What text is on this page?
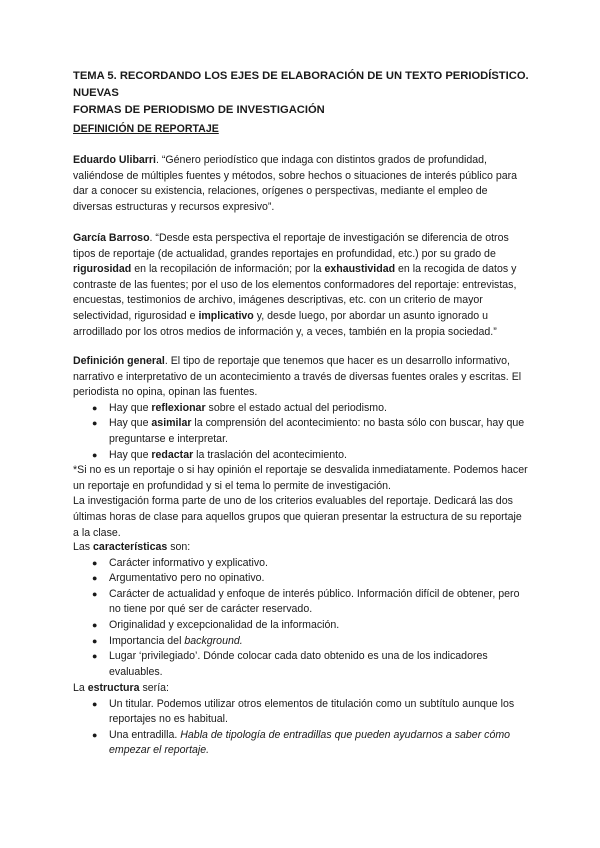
TEMA 5. RECORDANDO LOS EJES DE ELABORACIÓN DE UN TEXTO PERIODÍSTICO. NUEVAS
FORMAS DE PERIODISMO DE INVESTIGACIÓN

DEFINICIÓN DE REPORTAJE

Eduardo Ulibarri. “Género periodístico que indaga con distintos grados de profundidad, valiéndose de múltiples fuentes y métodos, sobre hechos o situaciones de interés público para dar a conocer su existencia, relaciones, orígenes o perspectivas, mediante el empleo de diversas estructuras y recursos expresivo”.

García Barroso. “Desde esta perspectiva el reportaje de investigación se diferencia de otros tipos de reportaje (de actualidad, grandes reportajes en profundidad, etc.) por su grado de rigurosidad en la recopilación de información; por la exhaustividad en la recogida de datos y contraste de las fuentes; por el uso de los elementos conformadores del reportaje: entrevistas, encuestas, testimonios de archivo, imágenes descriptivas, etc. con un criterio de mayor selectividad, rigurosidad e implicativo y, desde luego, por abordar un asunto ignorado u arrodillado por los otros medios de información y, a veces, también en la propia sociedad.”

Definición general. El tipo de reportaje que tenemos que hacer es un desarrollo informativo, narrativo e interpretativo de un acontecimiento a través de diversas fuentes orales y escritas. El periodista no opina, opinan las fuentes.

● Hay que reflexionar sobre el estado actual del periodismo.
● Hay que asimilar la comprensión del acontecimiento: no basta sólo con buscar, hay que preguntarse e interpretar.
● Hay que redactar la traslación del acontecimiento.

*Si no es un reportaje o si hay opinión el reportaje se desvalida inmediatamente. Podemos hacer un reportaje en profundidad y si el tema lo permite de investigación.

La investigación forma parte de uno de los criterios evaluables del reportaje. Dedicará las dos últimas horas de clase para aquellos grupos que quieran presentar la estructura de su reportaje a la clase.

Las características son:

● Carácter informativo y explicativo.
● Argumentativo pero no opinativo.
● Carácter de actualidad y enfoque de interés público. Información difícil de obtener, pero no tiene por qué ser de carácter reservado.
● Originalidad y excepcionalidad de la información.
● Importancia del background.
● Lugar ‘privilegiado’. Dónde colocar cada dato obtenido es una de los indicadores evaluables.

La estructura sería:

● Un titular. Podemos utilizar otros elementos de titulación como un subtítulo aunque los reportajes no es habitual.
● Una entradilla. Habla de tipología de entradillas que pueden ayudarnos a saber cómo empezar el reportaje.
